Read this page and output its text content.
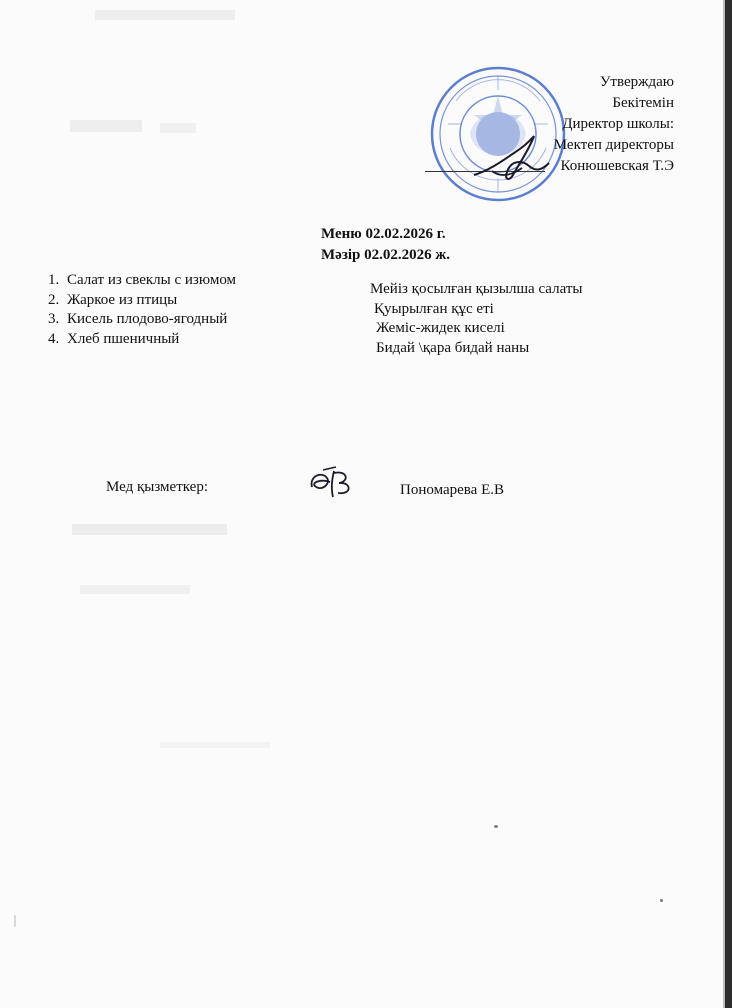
Утверждаю
Бекітемін
Директор школы:
Мектеп директоры
Конюшевская Т.Э
Меню 02.02.2026 г.
Мәзір 02.02.2026 ж.
1. Салат из свеклы с изюмом
2. Жаркое из птицы
3. Кисель плодово-ягодный
4. Хлеб пшеничный
Мейіз қосылған қызылша салаты
Қуырылған құс еті
Жеміс-жидек киселі
Бидай \қара бидай наны
Мед қызметкер:	Пономарева Е.В
